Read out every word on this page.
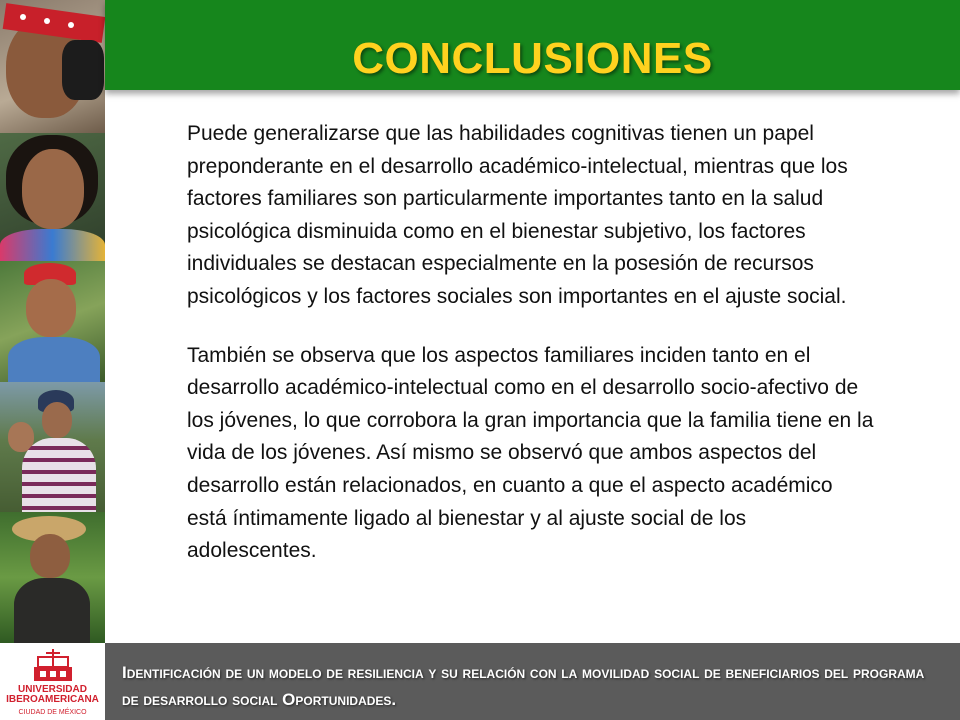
CONCLUSIONES

Puede generalizarse que las habilidades cognitivas tienen un papel preponderante en el desarrollo académico-intelectual, mientras que los factores familiares son particularmente importantes tanto en la salud psicológica disminuida como en el bienestar subjetivo, los factores individuales se destacan especialmente en la posesión de recursos psicológicos y los factores sociales son importantes en el ajuste social.

También se observa que los aspectos familiares inciden tanto en el desarrollo académico-intelectual como en el desarrollo socio-afectivo de los jóvenes, lo que corrobora la gran importancia que la familia tiene en la vida de los jóvenes. Así mismo se observó que ambos aspectos del desarrollo están relacionados, en cuanto a que el aspecto académico está íntimamente ligado al bienestar y al ajuste social de los adolescentes.

UNIVERSIDAD
IBEROAMERICANA
CIUDAD DE MÉXICO
Identificación de un modelo de resiliencia y su relación con la movilidad social de beneficiarios del programa de desarrollo social Oportunidades.
